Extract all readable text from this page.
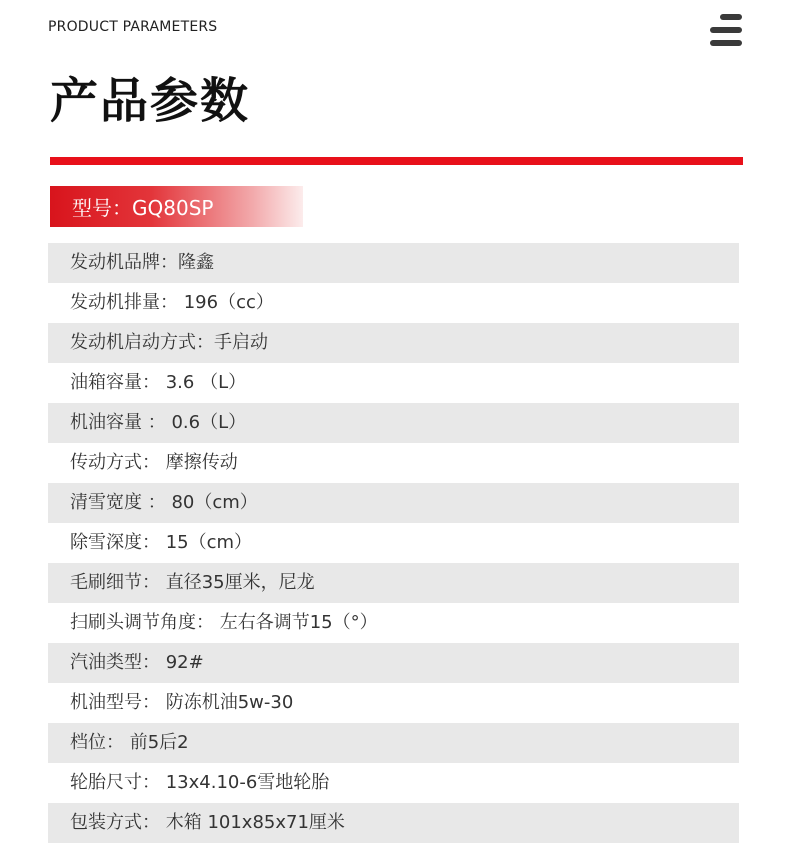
PRODUCT PARAMETERS
产品参数
型号：GQ80SP
发动机品牌：隆鑫
发动机排量： 196（cc）
发动机启动方式：手启动
油箱容量： 3.6 （L）
机油容量 ： 0.6（L）
传动方式： 摩擦传动
清雪宽度 ： 80（cm）
除雪深度： 15（cm）
毛刷细节： 直径35厘米，尼龙
扫刷头调节角度： 左右各调节15（°）
汽油类型： 92#
机油型号： 防冻机油5w-30
档位： 前5后2
轮胎尺寸： 13x4.10-6雪地轮胎
包装方式： 木箱 101x85x71厘米
